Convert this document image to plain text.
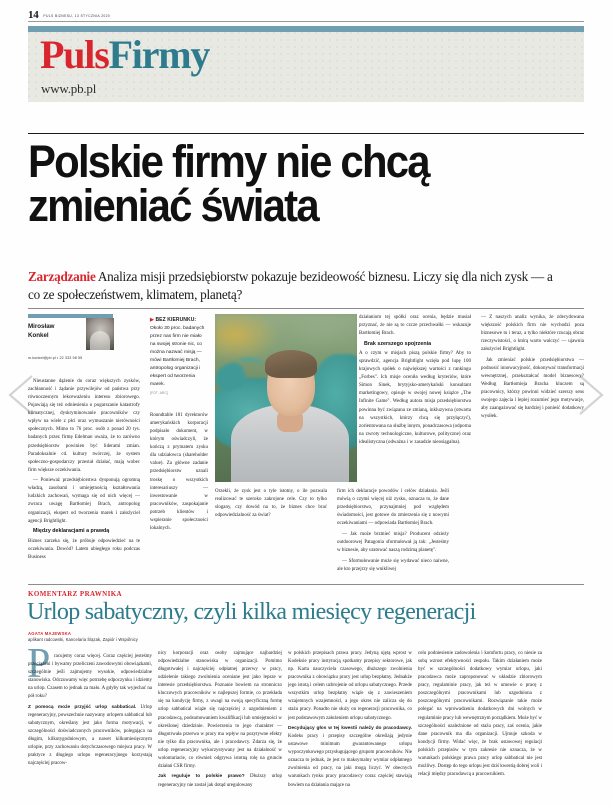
14 PULS BIZNESU, 13 STYCZNIA 2020
PulsFirmy
www.pb.pl
Polskie firmy nie chcą
zmieniać świata
Zarządzanie Analiza misji przedsiębiorstw pokazuje bezideowość biznesu. Liczy się dla nich zysk — a co ze społeczeństwem, klimatem, planetą?
Mirosław
Konkel
m.konkel@pb.pl • 22 333 98 55
▶ BEZ KIERUNKU:
Około 30 proc. badanych przez nas firm nie miało na swojej stronie nic, co można nazwać misją — mówi Bartłomiej Brach, antropolog organizacji i ekspert od tworzenia marek.
[FOT. ARC]

Nieustanne dążenie do coraz większych zysków, zachłanność i żądanie przywilejów od państwa przy równoczesnym lekceważeniu interesu zbiorowego. Pojawiają się też odniesienia o pogarszanie katastrofy klimatycznej, dyskryminowanie pracowników czy wpływ na wiele z płci oraz wymuszanie nierówności społecznych. Mimo to 76 proc. osób z ponad 20 tys. badanych przez firmę Edelman uważa, że to zarówno przedsiębiorstw powinien być liderami zmian. Paradoksalnie cd. kultury twórczej, że system społeczno-gospodarczy przestał działać, mają wobec firm większe oczekiwania.

— Ponieważ przedsiębiorstwa dysponują ogromną władzą, zasobami i umiejętnością kształtowania ludzkich zachowań, wymaga się od nich więcej — zwraca uwagę Bartłomiej Brach, antropolog organizacji, ekspert od tworzenia marek i założyciel agencji Brightlight.

Między deklaracjami a prawdą

Biznes zarzeka się, że próbuje odpowiedzieć na te oczekiwania. Dowód? Latem ubiegłego roku podczas Business

Roundtable 181 dyrektorów amerykańskich korporacji podpisało dokument, w którym oświadczyli, że kończą z prymatem zysku dla udziałowca (shareholder value). Za główne zadanie przedsiębiorstw uznali troskę o wszystkich interesariuszy — inwestowanie w pracowników, zaspokajanie potrzeb klientów i wspieranie społeczności lokalnych.

Orzekli, że zysk jest o tyle istotny, o ile pozwala realizować te szeroko zakrojone cele. Czy to tylko slogany, czy dowód na to, że biznes chce brać odpowiedzialność za świat?

firm ich deklaracje powodów i celów działania. Jeśli mówią o czymś więcej niż zysku, oznacza to, że dane przedsiębiorstwo, przynajmniej pod względem świadomości, jest gotowe do zmierzenia się z nowymi oczekiwaniami — odpowiada Bartłomiej Brach.

— Jak może brzmieć misja? Producent odzieży outdoorowej Patagonia sformułował ją tak: „Jesteśmy w biznesie, aby uratować naszą rodzimą planetę".

— Sformułowanie może się wydawać nieco naiwne, ale kto przejrzy się wnikliwej

działaniom tej spółki oraz ocenia, będzie musiał przyznać, że nie są to czcze przechwałki — wskazuje Bartłomiej Brach.

Brak szerszego spojrzenia

A o czym w misjach piszą polskie firmy? Aby to sprawdzić, agencja Brightlight wzięła pod lupę 100 krajowych spółek o największej wartości z rankingu „Forbes". Ich misje oceniła według kryteriów, które Simon Sinek, brytyjsko-amerykański konsultant marketingowy, opisuje w swojej nowej książce „The Infinite Game". Według autora misja przedsiębiorstwa powinna być związana ze zmianą, inkluzywna (otwarta na wszystkich, którzy chcą się przyłączyć), zorientowana na służbę innym, ponadczasowa (odporna na zwroty technologiczne, kulturowe, polityczne) oraz idealistyczna (odważna i w zasadzie nieosiągalna).

— Z naszych analiz wynika, że zdecydowana większość polskich firm nie wychodzi poza biznesowe tu i teraz, a tylko niektóre rzucają obraz rzeczywistości, o którą warto walczyć — ujawnia założyciel Brightlight.

Jak zmieniać polskie przedsiębiorstwa — podnosić innowacyjność, dokonywać transformacji wewnętrznej, przekształcać model biznesowy? Według Bartłomieja Bracha kluczem są pracownicy, którzy powinni widzieć szerszy sens swojego zajęcia i lepiej rozumieć jego motywacje, aby zaangażować się bardziej i ponieść dodatkowy wysiłek.

KOMENTARZ PRAWNIKA
Urlop sabatyczny, czyli kilka miesięcy regeneracji
AGATA MAJEWSKA
aplikant radcowski, Kancelaria Ślązak, Zapiór i Wspólnicy
P racujemy coraz więcej. Coraz częściej jesteśmy przeciążeni i bywamy przeliczeni zawodowymi obowiązkami, szczególnie jeśli zajmujemy wysokie, odpowiedzialne stanowiska. Odczuwamy więc potrzebę odpoczynku i idziemy na urlop. Czasem to jednak za mało. A gdyby tak wyjechać na pół roku?

Z pomocą może przyjść urlop sabbatical. Urlop regeneracyjny, powszechnie nazywany urlopem sabbatical lub sabatycznym, określany jest jako forma motywacji, w szczególności doświadczonych pracowników, polegająca na długim, kilkutygodniowym, a nawet kilkumiesięcznym urlopie, przy zachowaniu dotychczasowego miejsca pracy. W praktyce z długiego urlopu regeneracyjnego korzystają najczęściej pracow-

nicy korporacji oraz osoby zajmujące najbardziej odpowiedzialne stanowiska w organizacji. Pomimo długotrwałej i najczęściej odpłatnej przerwy w pracy, udzielenie takiego zwolnienia oceniane jest jako lepsze w interesie przedsiębiorstwa. Poznanie bowiem na stronniczo kluczowych pracowników w najlepszej formie, co przekłada się na kondycję firmy, z uwagi na swoją specyficzną formę urlop sabbatical wiąże się najczęściej z uzgodnieniem z pracodawcą, podsumowaniem kwalifikacji lub umiejętności w określonej dziedzinie. Powierzenia to jego charakter — długotrwała przerwa w pracy ma wpływ na pozytywne efekty nie tylko dla pracownika, ale i pracodawcy. Zdarza się, że urlop regeneracyjny wykorzystywany jest na działalność w wolontariacie, co również odgrywa istotną rolę na gruncie działań CSR firmy.

Jak reguluje to polskie prawo? Dłuższy urlop regeneracyjny nie został jak dotąd uregulowany

w polskich przepisach prawa pracy. Jedyną ujętą wprost w Kodeksie pracy instytucją spotkamy przepisy sektorowe, jak np. Karta nauczyciela czasowego, dłuższego zwolnienia pracownika z obowiązku pracy jest urlop bezpłatny. Jednakże jego istotą i celem uzbrojenie od urlopu sabatycznego. Przede wszystkim urlop bezpłatny wiąże się z zawieszeniem wzajemnych wzajemności, a jego okres nie zalicza się do stażu pracy. Ponadto nie służy on regeneracji pracownika, co jest podstawowym założeniem urlopu sabatycznego.

Decydujący głos w tej kwestii należy do pracodawcy. Kodeks pracy i przepisy szczególne określają jedynie ustawowe minimum gwarantowanego urlopu wypoczynkowego przysługującego grupom pracowników. Nie oznacza to jednak, że jest to maksymalny wymiar odpłatnego zwolnienia od pracy, na jaki mogą liczyć. W obecnych warunkach rynku pracy pracodawcy coraz częściej stawiają bowiem na działania mające na

celu podniesienie zadowolenia i komfortu pracy, co niesie za sobą wzrost efektywności zespołu. Takim działaniem może być w szczególności dodatkowy wymiar urlopu, jaki pracodawca może zaproponować w układzie zbiorowym pracy, regulaminie pracy, jak też w umowie o pracę z poszczególnymi pracownikami lub uzgodniona z poszczególnymi pracownikami. Rozwiązanie takie może polegać na wprowadzeniu dodatkowych dni wolnych w regulaminie pracy lub wewnętrznym porządkiem. Może być w szczególności uzależnione od stażu pracy, zaś ocenia, jakie dane pracownik ma dla organizacji. Ujmuje szkoda w kondycji firmy. Widać więc, że brak ustawowej regulacji polskich przepisów w tym zakresie nie oznacza, że w warunkach polskiego prawa pracy urlop sabbatical nie jest możliwy. Dostęp do tego urlopu jest dziś kwestią dobrej woli i relacji między pracodawcą a pracownikiem.
